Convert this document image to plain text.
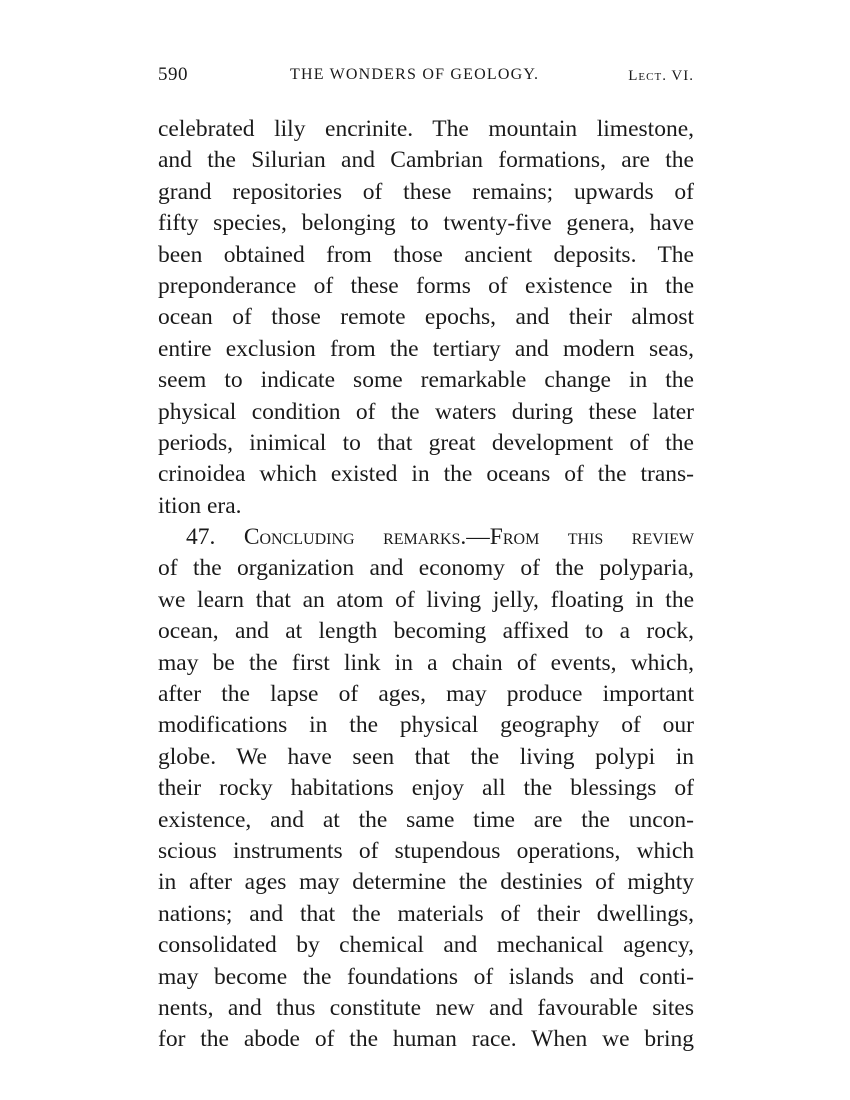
590	THE WONDERS OF GEOLOGY.	Lect. VI.
celebrated lily encrinite. The mountain limestone,
and the Silurian and Cambrian formations, are the
grand repositories of these remains; upwards of
fifty species, belonging to twenty-five genera, have
been obtained from those ancient deposits. The
preponderance of these forms of existence in the
ocean of those remote epochs, and their almost
entire exclusion from the tertiary and modern seas,
seem to indicate some remarkable change in the
physical condition of the waters during these later
periods, inimical to that great development of the
crinoidea which existed in the oceans of the trans-
ition era.
47. Concluding remarks.—From this review
of the organization and economy of the polyparia,
we learn that an atom of living jelly, floating in the
ocean, and at length becoming affixed to a rock,
may be the first link in a chain of events, which,
after the lapse of ages, may produce important
modifications in the physical geography of our
globe. We have seen that the living polypi in
their rocky habitations enjoy all the blessings of
existence, and at the same time are the uncon-
scious instruments of stupendous operations, which
in after ages may determine the destinies of mighty
nations; and that the materials of their dwellings,
consolidated by chemical and mechanical agency,
may become the foundations of islands and conti-
nents, and thus constitute new and favourable sites
for the abode of the human race. When we bring
